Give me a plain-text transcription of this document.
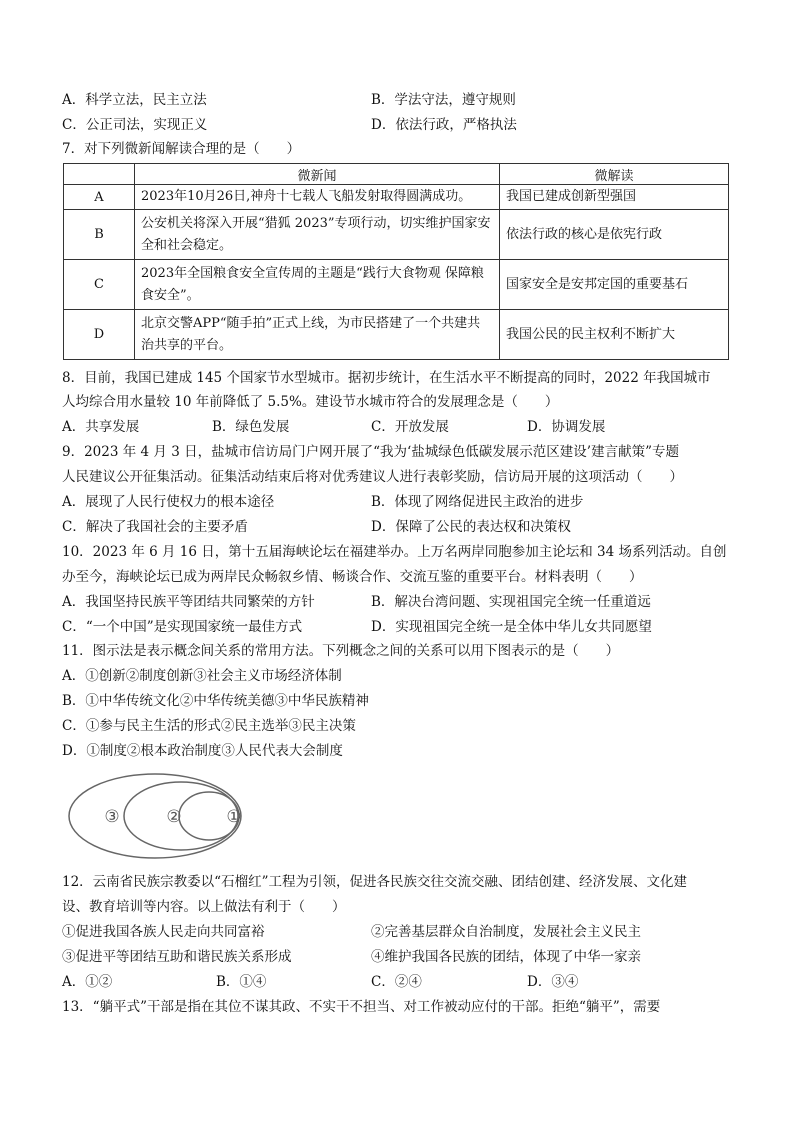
A．科学立法，民主立法	B．学法守法，遵守规则
C．公正司法，实现正义	D．依法行政，严格执法
7．对下列微新闻解读合理的是（　　）
	微新闻	微解读
A	2023年10月26日,神舟十七载人飞船发射取得圆满成功。	我国已建成创新型强国
B	公安机关将深入开展“猎狐 2023”专项行动，切实维护国家安全和社会稳定。	依法行政的核心是依宪行政
C	2023年全国粮食安全宣传周的主题是“践行大食物观 保障粮食安全”。	国家安全是安邦定国的重要基石
D	北京交警APP“随手拍”正式上线，为市民搭建了一个共建共治共享的平台。	我国公民的民主权利不断扩大
8．目前，我国已建成 145 个国家节水型城市。据初步统计，在生活水平不断提高的同时，2022 年我国城市
人均综合用水量较 10 年前降低了 5.5%。建设节水城市符合的发展理念是（　　）
A．共享发展	B．绿色发展	C．开放发展	D．协调发展
9．2023 年 4 月 3 日，盐城市信访局门户网开展了“我为‘盐城绿色低碳发展示范区建设’建言献策”专题
人民建议公开征集活动。征集活动结束后将对优秀建议人进行表彰奖励，信访局开展的这项活动（　　）
A．展现了人民行使权力的根本途径	B．体现了网络促进民主政治的进步
C．解决了我国社会的主要矛盾	D．保障了公民的表达权和决策权
10．2023 年 6 月 16 日，第十五届海峡论坛在福建举办。上万名两岸同胞参加主论坛和 34 场系列活动。自创
办至今，海峡论坛已成为两岸民众畅叙乡情、畅谈合作、交流互鉴的重要平台。材料表明（　　）
A．我国坚持民族平等团结共同繁荣的方针	B．解决台湾问题、实现祖国完全统一任重道远
C．“一个中国”是实现国家统一最佳方式	D．实现祖国完全统一是全体中华儿女共同愿望
11．图示法是表示概念间关系的常用方法。下列概念之间的关系可以用下图表示的是（　　）
A．①创新②制度创新③社会主义市场经济体制
B．①中华传统文化②中华传统美德③中华民族精神
C．①参与民主生活的形式②民主选举③民主决策
D．①制度②根本政治制度③人民代表大会制度
③	②	①
12．云南省民族宗教委以“石榴红”工程为引领，促进各民族交往交流交融、团结创建、经济发展、文化建
设、教育培训等内容。以上做法有利于（　　）
①促进我国各族人民走向共同富裕	②完善基层群众自治制度，发展社会主义民主
③促进平等团结互助和谐民族关系形成	④维护我国各民族的团结，体现了中华一家亲
A．①②	B．①④	C．②④	D．③④
13．“躺平式”干部是指在其位不谋其政、不实干不担当、对工作被动应付的干部。拒绝“躺平”，需要
